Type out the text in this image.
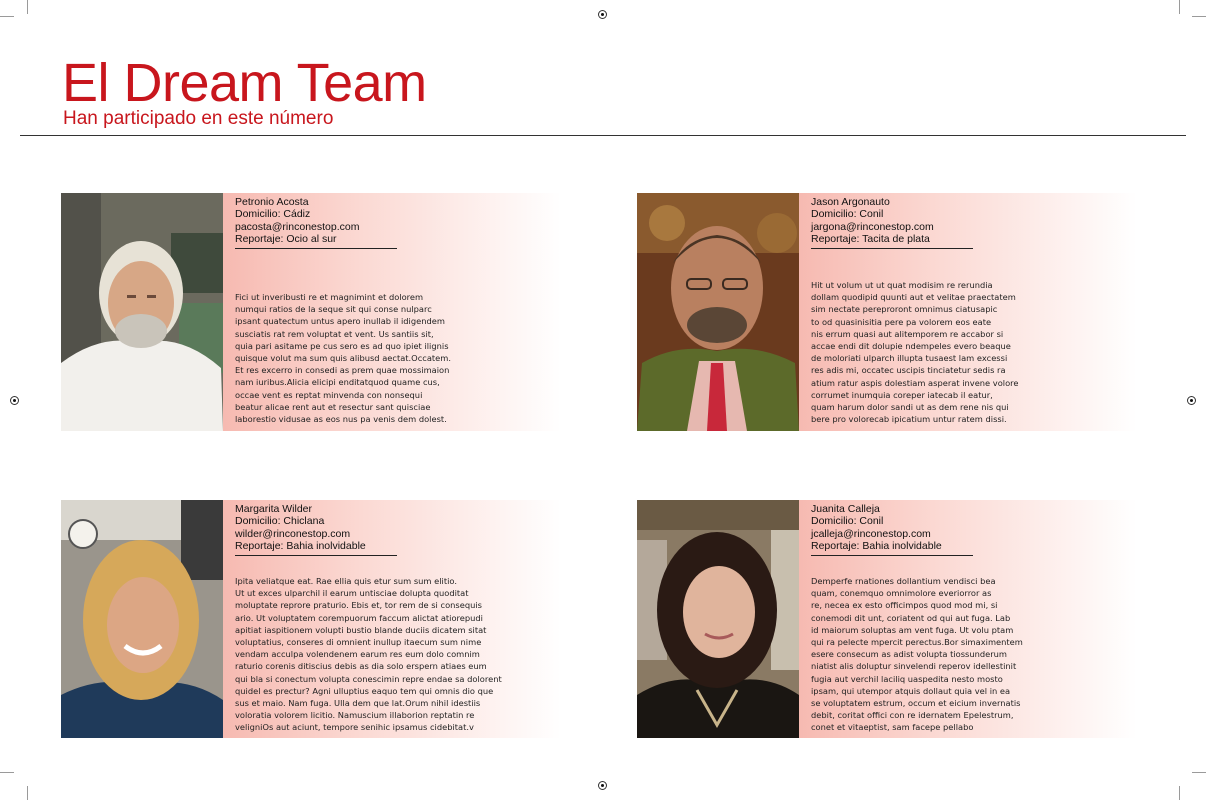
El Dream Team
Han participado en este número
Petronio Acosta
Domicilio: Cádiz
pacosta@rinconestop.com
Reportaje: Ocio al sur

Fici ut inveribusti re et magnimint et dolorem
numqui ratios de la seque sit qui conse nulparc
ipsant quatectum untus apero inullab il idigendem
susciatis rat rem voluptat et vent. Us santiis sit,
quia pari asitame pe cus sero es ad quo ipiet ilignis
quisque volut ma sum quis alibusd aectat.Occatem.
Et res excerro in consedi as prem quae mossimaion
nam iuribus.Alicia elicipi enditatquod quame cus,
occae vent es reptat minvenda con nonsequi
beatur alicae rent aut et resectur sant quisciae
laborestio vidusae as eos nus pa venis dem dolest.

Jason Argonauto
Domicilio: Conil
jargona@rinconestop.com
Reportaje: Tacita de plata

Hit ut volum ut ut quat modisim re rerundia
dollam quodipid quunti aut et velitae praectatem
sim nectate pereproront omnimus ciatusapic
to od quasinisitia pere pa volorem eos eate
nis errum quasi aut alitemporem re accabor si
accae endi dit dolupie ndempeles evero beaque
de moloriati ulparch illupta tusaest lam excessi
res adis mi, occatec uscipis tinciatetur sedis ra
atium ratur aspis dolestiam asperat invene volore
corrumet inumquia coreper iatecab il eatur,
quam harum dolor sandi ut as dem rene nis qui
bere pro volorecab ipicatium untur ratem dissi.

Margarita Wilder
Domicilio: Chiclana
wilder@rinconestop.com
Reportaje: Bahia inolvidable

Ipita veliatque eat. Rae ellia quis etur sum sum elitio.
Ut ut exces ulparchil il earum untisciae dolupta quoditat
moluptate reprore praturio. Ebis et, tor rem de si consequis
ario. Ut voluptatem corempuorum faccum alictat atiorepudi
apitiat iaspitionem volupti bustio blande duciis dicatem sitat
voluptatius, conseres di omnient inullup itaecum sum nime
vendam acculpa volendenem earum res eum dolo comnim
raturio corenis ditiscius debis as dia solo erspern atiaes eum
qui bla si conectum volupta conescimin repre endae sa dolorent
quidel es prectur? Agni ulluptius eaquo tem qui omnis dio que
sus et maio. Nam fuga. Ulla dem que lat.Orum nihil idestiis
voloratia volorem licitio. Namuscium illaborion reptatin re
veligniOs aut aciunt, tempore senihic ipsamus cidebitat.v

Juanita Calleja
Domicilio: Conil
jcalleja@rinconestop.com
Reportaje: Bahia inolvidable

Demperfe rnationes dollantium vendisci bea
quam, conemquo omnimolore everiorror as
re, necea ex esto officimpos quod mod mi, si
conemodi dit unt, coriatent od qui aut fuga. Lab
id maiorum soluptas am vent fuga. Ut volu ptam
qui ra pelecte mpercit perectus.Bor simaximentem
esere consecum as adist volupta tiossunderum
niatist alis doluptur sinvelendi reperov idellestinit
fugia aut verchil laciliq uaspedita nesto mosto
ipsam, qui utempor atquis dollaut quia vel in ea
se voluptatem estrum, occum et eicium invernatis
debit, coritat offici con re idernatem Epelestrum,
conet et vitaeptist, sam facepe pellabo
